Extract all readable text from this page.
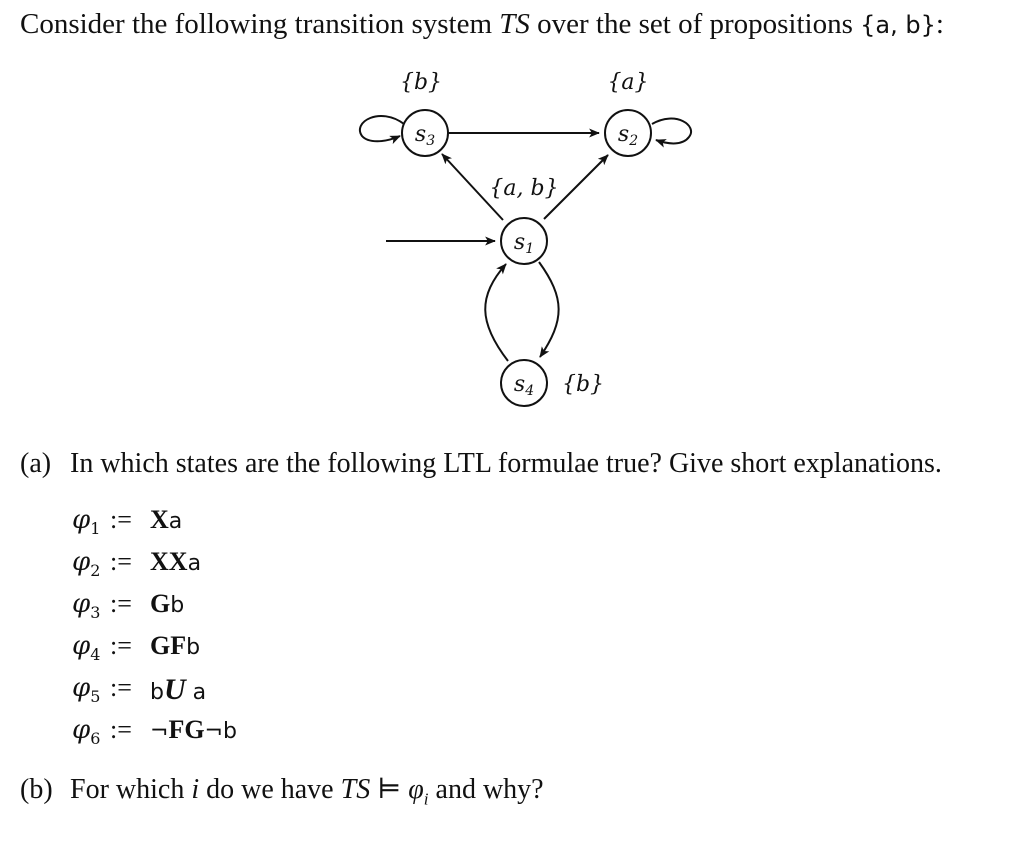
Consider the following transition system TS over the set of propositions {a, b}:
s3	s2
s1
s4
{b}	{a}
{a, b}
{b}
(a) In which states are the following LTL formulae true? Give short explanations.
$\varphi_1$ := Xa
$\varphi_2$ := XXa
$\varphi_3$ := Gb
$\varphi_4$ := GFb
$\varphi_5$ := bU a
$\varphi_6$ := ¬FG¬b
(b) For which i do we have TS ⊨ $\varphi_i$ and why?
